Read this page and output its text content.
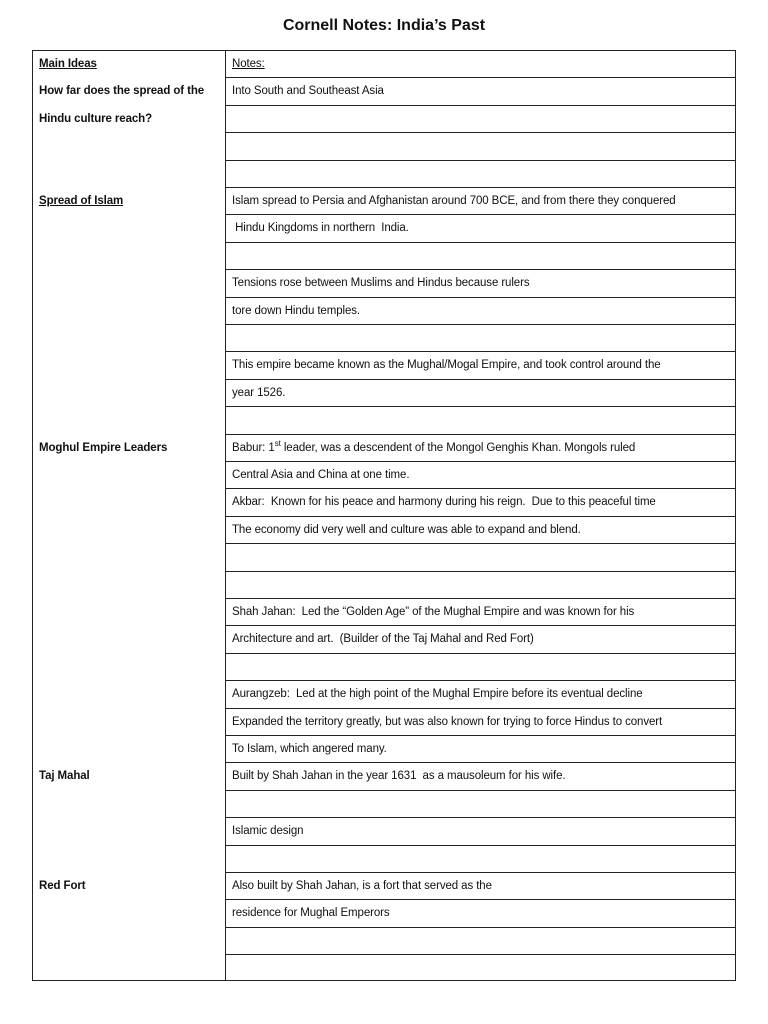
Cornell Notes: India’s Past
Main Ideas
How far does the spread of the
Hindu culture reach?
Spread of Islam
Moghul Empire Leaders
Taj Mahal
Red Fort
Notes:
Into South and Southeast Asia
Islam spread to Persia and Afghanistan around 700 BCE, and from there they conquered
Hindu Kingdoms in northern  India.
Tensions rose between Muslims and Hindus because rulers
tore down Hindu temples.
This empire became known as the Mughal/Mogal Empire, and took control around the
year 1526.
Babur: 1st leader, was a descendent of the Mongol Genghis Khan. Mongols ruled
Central Asia and China at one time.
Akbar:  Known for his peace and harmony during his reign.  Due to this peaceful time
The economy did very well and culture was able to expand and blend.
Shah Jahan:  Led the “Golden Age” of the Mughal Empire and was known for his
Architecture and art.  (Builder of the Taj Mahal and Red Fort)
Aurangzeb:  Led at the high point of the Mughal Empire before its eventual decline
Expanded the territory greatly, but was also known for trying to force Hindus to convert
To Islam, which angered many.
Built by Shah Jahan in the year 1631  as a mausoleum for his wife.
Islamic design
Also built by Shah Jahan, is a fort that served as the
residence for Mughal Emperors
